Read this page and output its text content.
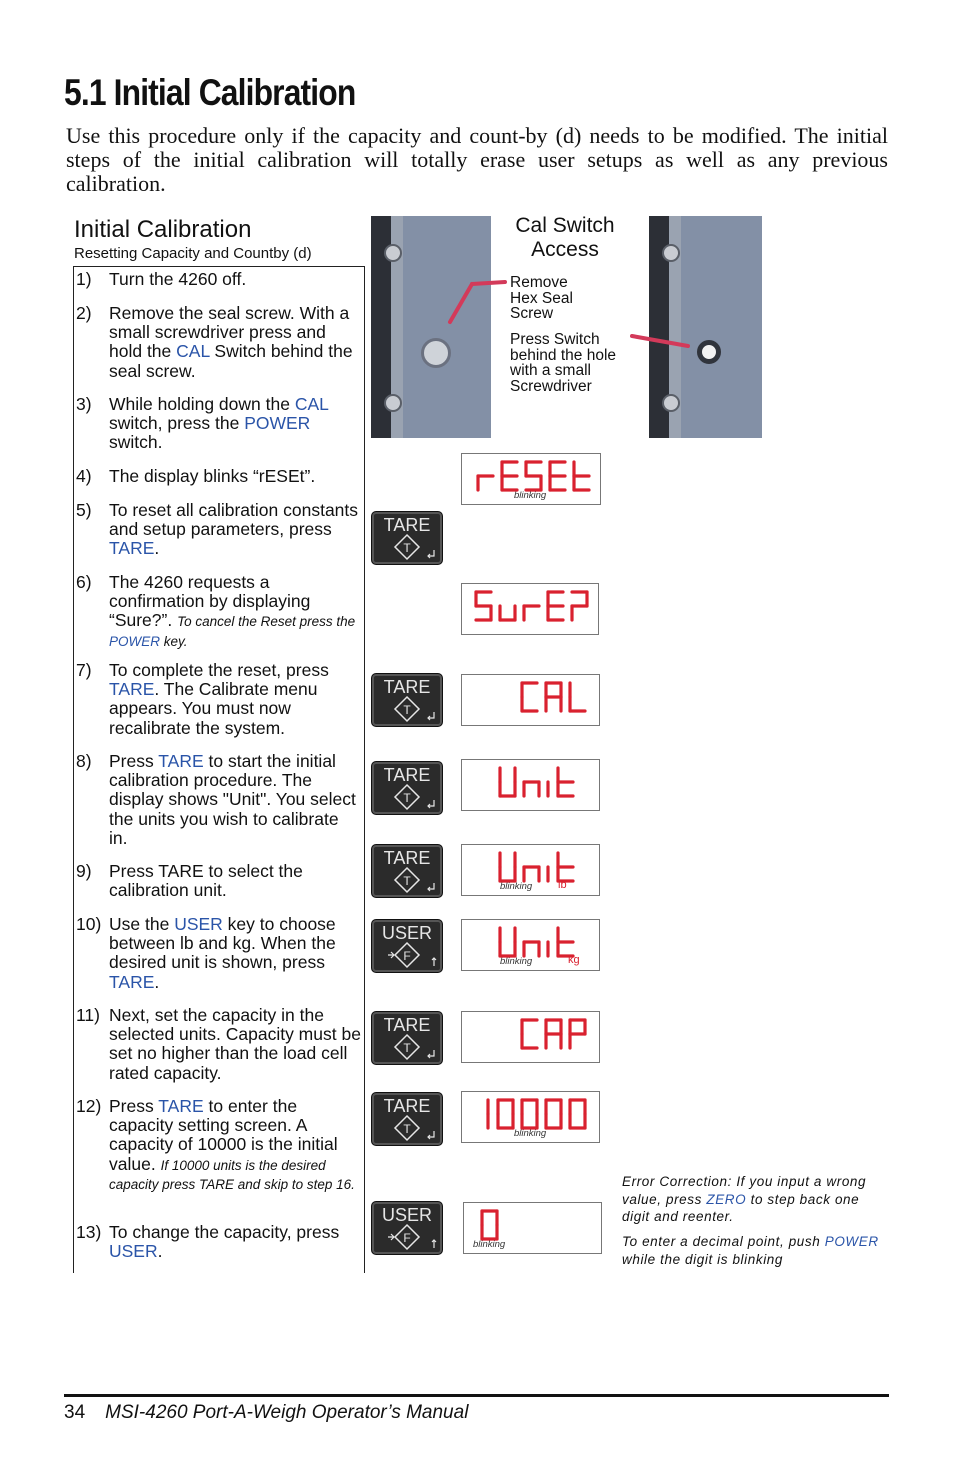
5.1 Initial Calibration
Use this procedure only if the capacity and count-by (d) needs to be modified. The initial steps of the initial calibration will totally erase user setups as well as any previous calibration.
Initial Calibration
Resetting Capacity and Countby (d)
1) Turn the 4260 off.
2) Remove the seal screw. With a small screwdriver press and hold the CAL Switch behind the seal screw.
3) While holding down the CAL switch, press the POWER switch.
4) The display blinks “rESEt”.
5) To reset all calibration constants and setup parameters, press TARE.
6) The 4260 requests a confirmation by displaying “Sure?”. To cancel the Reset press the POWER key.
7) To complete the reset, press TARE. The Calibrate menu appears. You must now recalibrate the system.
8) Press TARE to start the initial calibration procedure. The display shows "Unit". You select the units you wish to calibrate in.
9) Press TARE to select the calibration unit.
10) Use the USER key to choose between lb and kg. When the desired unit is shown, press TARE.
11) Next, set the capacity in the selected units. Capacity must be set no higher than the load cell rated capacity.
12) Press TARE to enter the capacity setting screen. A capacity of 10000 is the initial value. If 10000 units is the desired capacity press TARE and skip to step 16.
13) To change the capacity, press USER.
Cal Switch Access
Remove Hex Seal Screw
Press Switch behind the hole with a small Screwdriver
blinking
blinking lb
blinking	kg
blinking
blinking
TARE
T
TARE
T
TARE
T
TARE
T
USER
F
TARE
T
TARE
T
USER
F
Error Correction: If you input a wrong value, press ZERO to step back one digit and reenter.
To enter a decimal point, push POWER while the digit is blinking
34 MSI-4260 Port-A-Weigh Operator’s Manual
